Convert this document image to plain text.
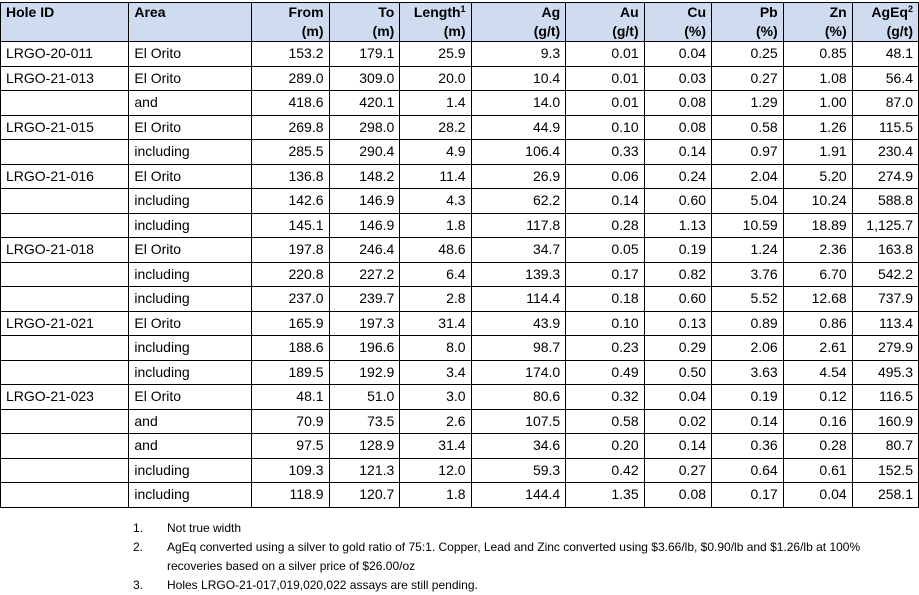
Hole ID	Area	From	To	Length$^1$	Ag	Au	Cu	Pb	Zn	AgEq$^2$
		(m)	(m)	(m)	(g/t)	(g/t)	(%)	(%)	(%)	(g/t)
LRGO-20-011	El Orito	153.2	179.1	25.9	9.3	0.01	0.04	0.25	0.85	48.1
LRGO-21-013	El Orito	289.0	309.0	20.0	10.4	0.01	0.03	0.27	1.08	56.4
	and	418.6	420.1	1.4	14.0	0.01	0.08	1.29	1.00	87.0
LRGO-21-015	El Orito	269.8	298.0	28.2	44.9	0.10	0.08	0.58	1.26	115.5
	including	285.5	290.4	4.9	106.4	0.33	0.14	0.97	1.91	230.4
LRGO-21-016	El Orito	136.8	148.2	11.4	26.9	0.06	0.24	2.04	5.20	274.9
	including	142.6	146.9	4.3	62.2	0.14	0.60	5.04	10.24	588.8
	including	145.1	146.9	1.8	117.8	0.28	1.13	10.59	18.89	1,125.7
LRGO-21-018	El Orito	197.8	246.4	48.6	34.7	0.05	0.19	1.24	2.36	163.8
	including	220.8	227.2	6.4	139.3	0.17	0.82	3.76	6.70	542.2
	including	237.0	239.7	2.8	114.4	0.18	0.60	5.52	12.68	737.9
LRGO-21-021	El Orito	165.9	197.3	31.4	43.9	0.10	0.13	0.89	0.86	113.4
	including	188.6	196.6	8.0	98.7	0.23	0.29	2.06	2.61	279.9
	including	189.5	192.9	3.4	174.0	0.49	0.50	3.63	4.54	495.3
LRGO-21-023	El Orito	48.1	51.0	3.0	80.6	0.32	0.04	0.19	0.12	116.5
	and	70.9	73.5	2.6	107.5	0.58	0.02	0.14	0.16	160.9
	and	97.5	128.9	31.4	34.6	0.20	0.14	0.36	0.28	80.7
	including	109.3	121.3	12.0	59.3	0.42	0.27	0.64	0.61	152.5
	including	118.9	120.7	1.8	144.4	1.35	0.08	0.17	0.04	258.1
1.	Not true width
2.	AgEq converted using a silver to gold ratio of 75:1. Copper, Lead and Zinc converted using $3.66/lb, $0.90/lb and $1.26/lb at 100% recoveries based on a silver price of $26.00/oz
3.	Holes LRGO-21-017,019,020,022 assays are still pending.
